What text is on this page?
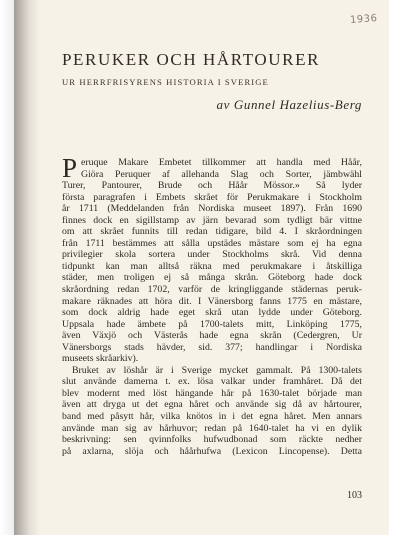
1936
PERUKER OCH HÅRTOURER
UR HERRFRISYRENS HISTORIA I SVERIGE
av Gunnel Hazelius-Berg
P eruque Makare Embetet tillkommer att handla med Håår,
Giöra Peruquer af allehanda Slag och Sorter, jämbwähl
Turer, Pantourer, Brude och Håår Mössor.» Så lyder
första paragrafen i Embets skrået för Perukmakare i Stockholm
år 1711 (Meddelanden från Nordiska museet 1897). Från 1690
finnes dock en sigillstamp av järn bevarad som tydligt bär vittne
om att skrået funnits till redan tidigare, bild 4. I skråordningen
från 1711 bestämmes att sålla upstädes mästare som ej ha egna
privilegier skola sortera under Stockholms skrå. Vid denna
tidpunkt kan man alltså räkna med perukmakare i åtskilliga
städer, men troligen ej så många skrån. Göteborg hade dock
skråordning redan 1702, varför de kringliggande städernas peruk-
makare räknades att höra dit. I Vänersborg fanns 1775 en mästare,
som dock aldrig hade eget skrå utan lydde under Göteborg.
Uppsala hade ämbete på 1700-talets mitt, Linköping 1775,
även Växjö och Västerås hade egna skrån (Cedergren, Ur
Vänersborgs stads hävder, sid. 377; handlingar i Nordiska
museets skråarkiv).
Bruket av löshår är i Sverige mycket gammalt. På 1300-talets
slut använde damerna t. ex. lösa valkar under framhåret. Då det
blev modernt med löst hängande hår på 1630-talet började man
även att dryga ut det egna håret och använde sig då av hårtourer,
band med påsytt hår, vilka knötos in i det egna håret. Men annars
använde man sig av hårhuvor; redan på 1640-talet ha vi en dylik
beskrivning: sen qvinnfolks hufwudbonad som räckte nedher
på axlarna, slöja och håårhufwa (Lexicon Lincopense). Detta
103
